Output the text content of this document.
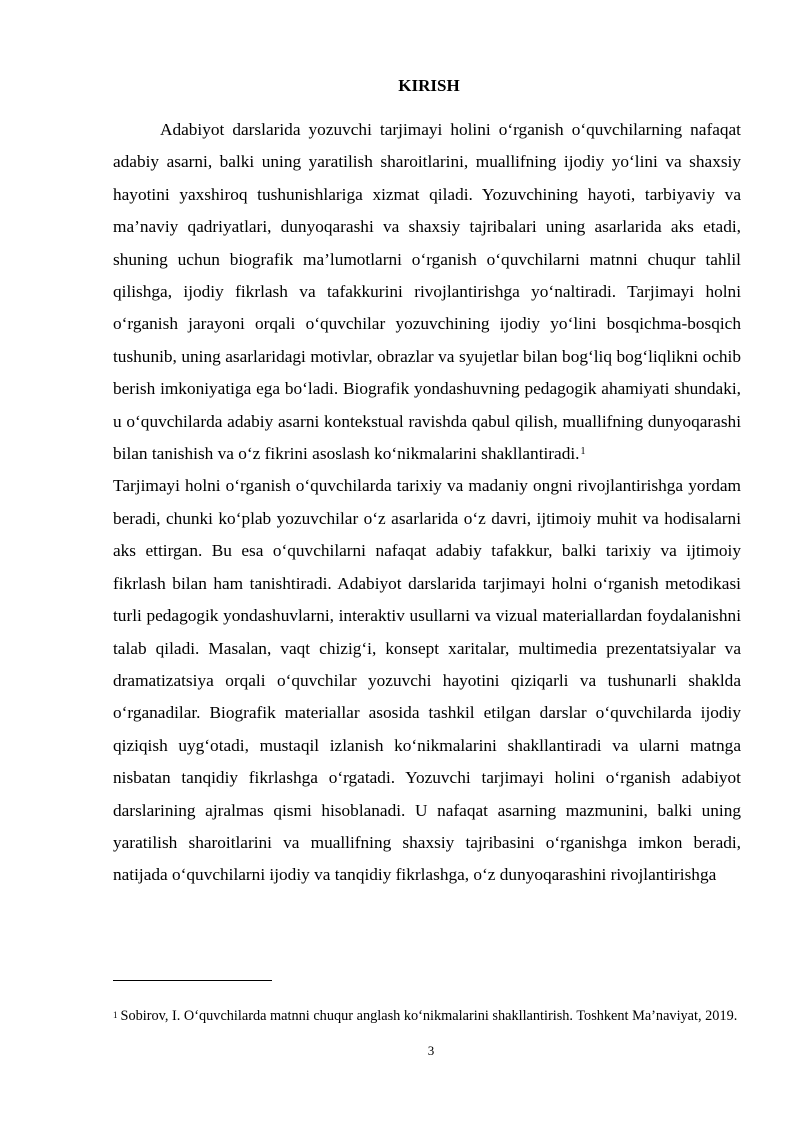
KIRISH

Adabiyot darslarida yozuvchi tarjimayi holini o‘rganish o‘quvchilarning nafaqat adabiy asarni, balki uning yaratilish sharoitlarini, muallifning ijodiy yo‘lini va shaxsiy hayotini yaxshiroq tushunishlariga xizmat qiladi. Yozuvchining hayoti, tarbiyaviy va ma’naviy qadriyatlari, dunyoqarashi va shaxsiy tajribalari uning asarlarida aks etadi, shuning uchun biografik ma’lumotlarni o‘rganish o‘quvchilarni matnni chuqur tahlil qilishga, ijodiy fikrlash va tafakkurini rivojlantirishga yo‘naltiradi. Tarjimayi holni o‘rganish jarayoni orqali o‘quvchilar yozuvchining ijodiy yo‘lini bosqichma-bosqich tushunib, uning asarlaridagi motivlar, obrazlar va syujetlar bilan bog‘liq bog‘liqlikni ochib berish imkoniyatiga ega bo‘ladi. Biografik yondashuvning pedagogik ahamiyati shundaki, u o‘quvchilarda adabiy asarni kontekstual ravishda qabul qilish, muallifning dunyoqarashi bilan tanishish va o‘z fikrini asoslash ko‘nikmalarini shakllantiradi.$^1$
Tarjimayi holni o‘rganish o‘quvchilarda tarixiy va madaniy ongni rivojlantirishga yordam beradi, chunki ko‘plab yozuvchilar o‘z asarlarida o‘z davri, ijtimoiy muhit va hodisalarni aks ettirgan. Bu esa o‘quvchilarni nafaqat adabiy tafakkur, balki tarixiy va ijtimoiy fikrlash bilan ham tanishtiradi. Adabiyot darslarida tarjimayi holni o‘rganish metodikasi turli pedagogik yondashuvlarni, interaktiv usullarni va vizual materiallardan foydalanishni talab qiladi. Masalan, vaqt chizig‘i, konsept xaritalar, multimedia prezentatsiyalar va dramatizatsiya orqali o‘quvchilar yozuvchi hayotini qiziqarli va tushunarli shaklda o‘rganadilar. Biografik materiallar asosida tashkil etilgan darslar o‘quvchilarda ijodiy qiziqish uyg‘otadi, mustaqil izlanish ko‘nikmalarini shakllantiradi va ularni matnga nisbatan tanqidiy fikrlashga o‘rgatadi. Yozuvchi tarjimayi holini o‘rganish adabiyot darslarining ajralmas qismi hisoblanadi. U nafaqat asarning mazmunini, balki uning yaratilish sharoitlarini va muallifning shaxsiy tajribasini o‘rganishga imkon beradi, natijada o‘quvchilarni ijodiy va tanqidiy fikrlashga, o‘z dunyoqarashini rivojlantirishga

$^1$ Sobirov, I. O‘quvchilarda matnni chuqur anglash ko‘nikmalarini shakllantirish. Toshkent Ma’naviyat, 2019.
3
